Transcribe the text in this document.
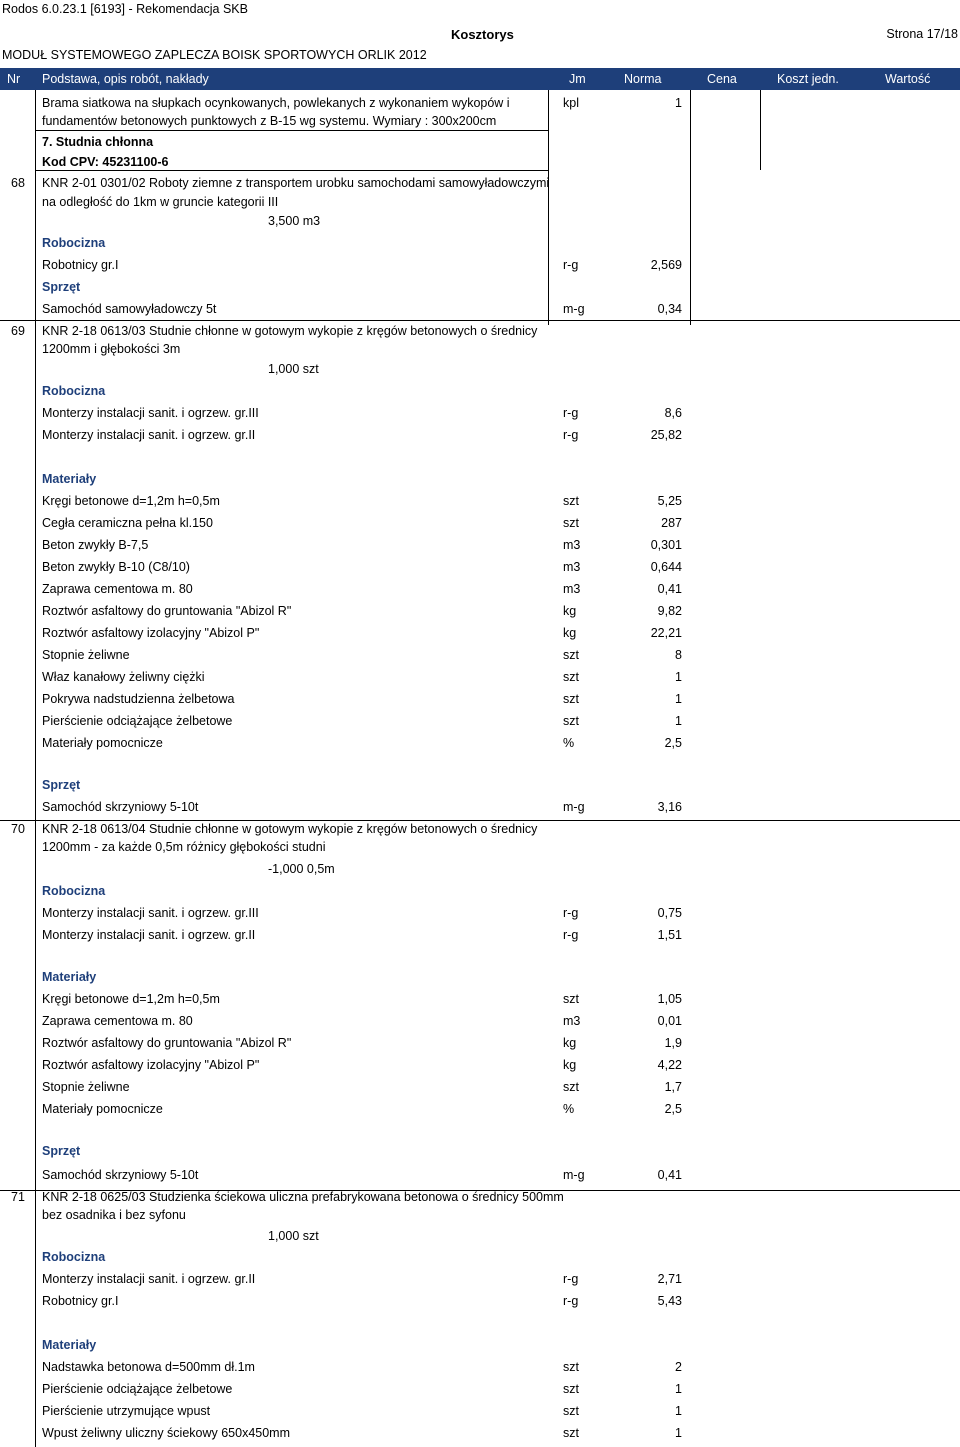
Rodos 6.0.23.1 [6193] - Rekomendacja SKB
Kosztorys	Strona 17/18
MODUŁ SYSTEMOWEGO ZAPLECZA BOISK SPORTOWYCH ORLIK 2012
Nr Podstawa, opis robót, nakłady	Jm	Norma	Cena	Koszt jedn.	Wartość
Brama siatkowa na słupkach ocynkowanych, powlekanych z wykonaniem wykopów i	kpl	1
fundamentów betonowych punktowych z B-15 wg systemu. Wymiary : 300x200cm
7. Studnia chłonna
Kod CPV: 45231100-6
68 KNR 2-01 0301/02 Roboty ziemne z transportem urobku samochodami samowyładowczymi
na odległość do 1km w gruncie kategorii III
3,500 m3
Robocizna
Robotnicy gr.I	r-g	2,569
Sprzęt
Samochód samowyładowczy 5t	m-g	0,34
69 KNR 2-18 0613/03 Studnie chłonne w gotowym wykopie z kręgów betonowych o średnicy
1200mm i głębokości 3m
1,000 szt
Robocizna
Monterzy instalacji sanit. i ogrzew. gr.III	r-g	8,6
Monterzy instalacji sanit. i ogrzew. gr.II	r-g	25,82
Materiały
Kręgi betonowe d=1,2m h=0,5m	szt	5,25
Cegła ceramiczna pełna kl.150	szt	287
Beton zwykły B-7,5	m3	0,301
Beton zwykły B-10 (C8/10)	m3	0,644
Zaprawa cementowa m. 80	m3	0,41
Roztwór asfaltowy do gruntowania "Abizol R"	kg	9,82
Roztwór asfaltowy izolacyjny "Abizol P"	kg	22,21
Stopnie żeliwne	szt	8
Właz kanałowy żeliwny ciężki	szt	1
Pokrywa nadstudzienna żelbetowa	szt	1
Pierścienie odciążające żelbetowe	szt	1
Materiały pomocnicze	%	2,5
Sprzęt
Samochód skrzyniowy 5-10t	m-g	3,16
70 KNR 2-18 0613/04 Studnie chłonne w gotowym wykopie z kręgów betonowych o średnicy
1200mm - za każde 0,5m różnicy głębokości studni
-1,000 0,5m
Robocizna
Monterzy instalacji sanit. i ogrzew. gr.III	r-g	0,75
Monterzy instalacji sanit. i ogrzew. gr.II	r-g	1,51
Materiały
Kręgi betonowe d=1,2m h=0,5m	szt	1,05
Zaprawa cementowa m. 80	m3	0,01
Roztwór asfaltowy do gruntowania "Abizol R"	kg	1,9
Roztwór asfaltowy izolacyjny "Abizol P"	kg	4,22
Stopnie żeliwne	szt	1,7
Materiały pomocnicze	%	2,5
Sprzęt
Samochód skrzyniowy 5-10t	m-g	0,41
71 KNR 2-18 0625/03 Studzienka ściekowa uliczna prefabrykowana betonowa o średnicy 500mm
bez osadnika i bez syfonu
1,000 szt
Robocizna
Monterzy instalacji sanit. i ogrzew. gr.II	r-g	2,71
Robotnicy gr.I	r-g	5,43
Materiały
Nadstawka betonowa d=500mm dł.1m	szt	2
Pierścienie odciążające żelbetowe	szt	1
Pierścienie utrzymujące wpust	szt	1
Wpust żeliwny uliczny ściekowy 650x450mm	szt	1
